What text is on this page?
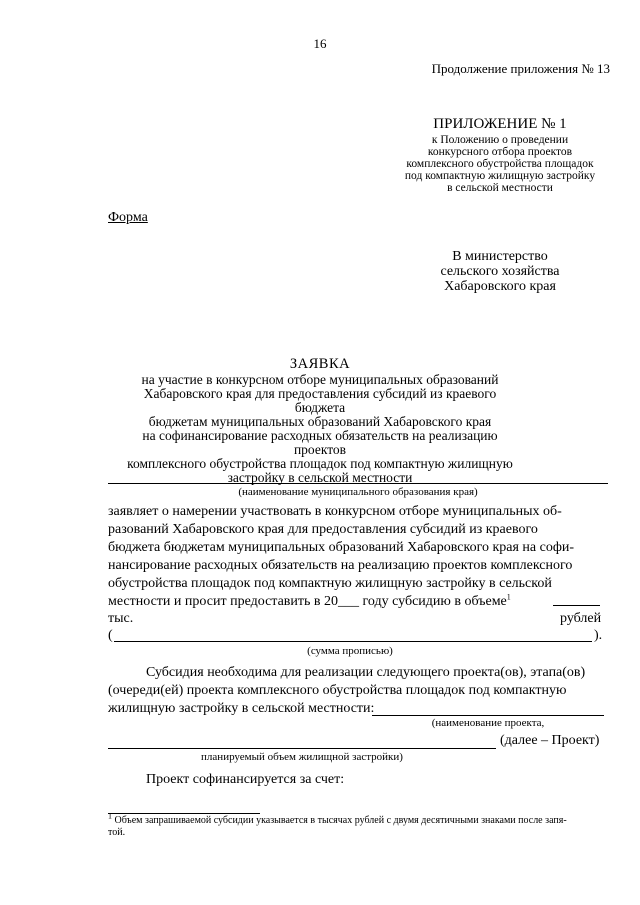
16
Продолжение приложения № 13
ПРИЛОЖЕНИЕ № 1
к Положению о проведении
конкурсного отбора проектов
комплексного обустройства площадок
под компактную жилищную застройку
в сельской местности
Форма
В министерство
сельского хозяйства
Хабаровского края
ЗАЯВКА
на участие в конкурсном отборе муниципальных образований
Хабаровского края для предоставления субсидий из краевого бюджета
бюджетам муниципальных образований Хабаровского края
на софинансирование расходных обязательств на реализацию проектов
комплексного обустройства площадок под компактную жилищную
застройку в сельской местности
(наименование муниципального образования края)

заявляет о намерении участвовать в конкурсном отборе муниципальных об-

разований Хабаровского края для предоставления субсидий из краевого

бюджета бюджетам муниципальных образований Хабаровского края на софи-

нансирование расходных обязательств на реализацию проектов комплексного

обустройства площадок под компактную жилищную застройку в сельской

местности и просит предоставить в 20___ году субсидию в объеме$^1$

тыс.	рублей
(	).
(сумма прописью)

Субсидия необходима для реализации следующего проекта(ов), этапа(ов)

(очереди(ей) проекта комплексного обустройства площадок под компактную

жилищную застройку в сельской местности:

(наименование проекта,
(далее – Проект)
планируемый объем жилищной застройки)
Проект софинансируется за счет:
$^1$ Объем запрашиваемой субсидии указывается в тысячах рублей с двумя десятичными знаками после запя-
той.
